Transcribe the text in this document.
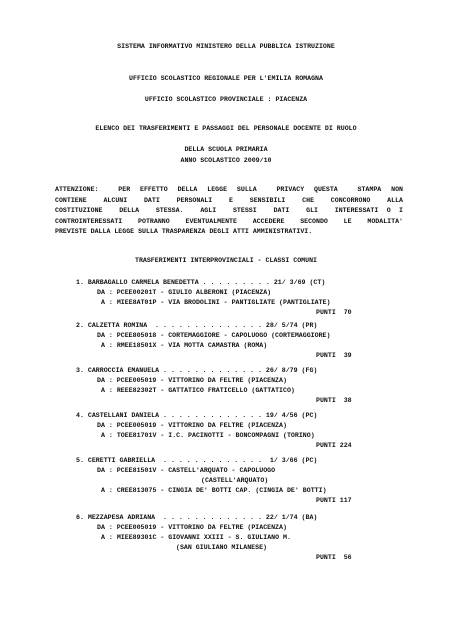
SISTEMA INFORMATIVO MINISTERO DELLA PUBBLICA ISTRUZIONE
UFFICIO SCOLASTICO REGIONALE PER L'EMILIA ROMAGNA
UFFICIO SCOLASTICO PROVINCIALE : PIACENZA
ELENCO DEI TRASFERIMENTI E PASSAGGI DEL PERSONALE DOCENTE DI RUOLO
DELLA SCUOLA PRIMARIA
ANNO SCOLASTICO 2009/10
ATTENZIONE:  PER EFFETTO DELLA LEGGE SULLA  PRIVACY QUESTA  STAMPA NON
CONTIENE  ALCUNI  DATI  PERSONALI  E  SENSIBILI  CHE  CONCORRONO  ALLA
COSTITUZIONE  DELLA  STESSA.  AGLI  STESSI  DATI  GLI  INTERESSATI O I
CONTROINTERESSATI POTRANNO EVENTUALMENTE ACCEDERE SECONDO LE MODALITA'
PREVISTE DALLA LEGGE SULLA TRASPARENZA DEGLI ATTI AMMINISTRATIVI.
TRASFERIMENTI INTERPROVINCIALI - CLASSI COMUNI
1. BARBAGALLO CARMELA BENEDETTA . . . . . . . . . 21/ 3/69 (CT)
DA : PCEE00201T - GIULIO ALBERONI (PIACENZA)
A : MIEE8AT01P - VIA BRODOLINI - PANTIGLIATE (PANTIGLIATE)
PUNTI  70
2. CALZETTA ROMINA  . . . . . . . . . . . . . . 28/ 5/74 (PR)
DA : PCEE805018 - CORTEMAGGIORE - CAPOLUOGO (CORTEMAGGIORE)
A : RMEE18501X - VIA MOTTA CAMASTRA (ROMA)
PUNTI  39
3. CARROCCIA EMANUELA . . . . . . . . . . . . . 26/ 8/79 (FG)
DA : PCEE005019 - VITTORINO DA FELTRE (PIACENZA)
A : REEE82302T - GATTATICO FRATICELLO (GATTATICO)
PUNTI  38
4. CASTELLANI DANIELA . . . . . . . . . . . . . 19/ 4/56 (PC)
DA : PCEE005019 - VITTORINO DA FELTRE (PIACENZA)
A : TOEE81701V - I.C. PACINOTTI - BONCOMPAGNI (TORINO)
PUNTI 224
5. CERETTI GABRIELLA  . . . . . . . . . . . . .  1/ 3/66 (PC)
DA : PCEE81501V - CASTELL'ARQUATO - CAPOLUOGO
(CASTELL'ARQUATO)
A : CREE813075 - CINGIA DE' BOTTI CAP. (CINGIA DE' BOTTI)
PUNTI 117
6. MEZZAPESA ADRIANA  . . . . . . . . . . . . . 22/ 1/74 (BA)
DA : PCEE005019 - VITTORINO DA FELTRE (PIACENZA)
A : MIEE89301C - GIOVANNI XXIII - S. GIULIANO M.
(SAN GIULIANO MILANESE)
PUNTI  56
